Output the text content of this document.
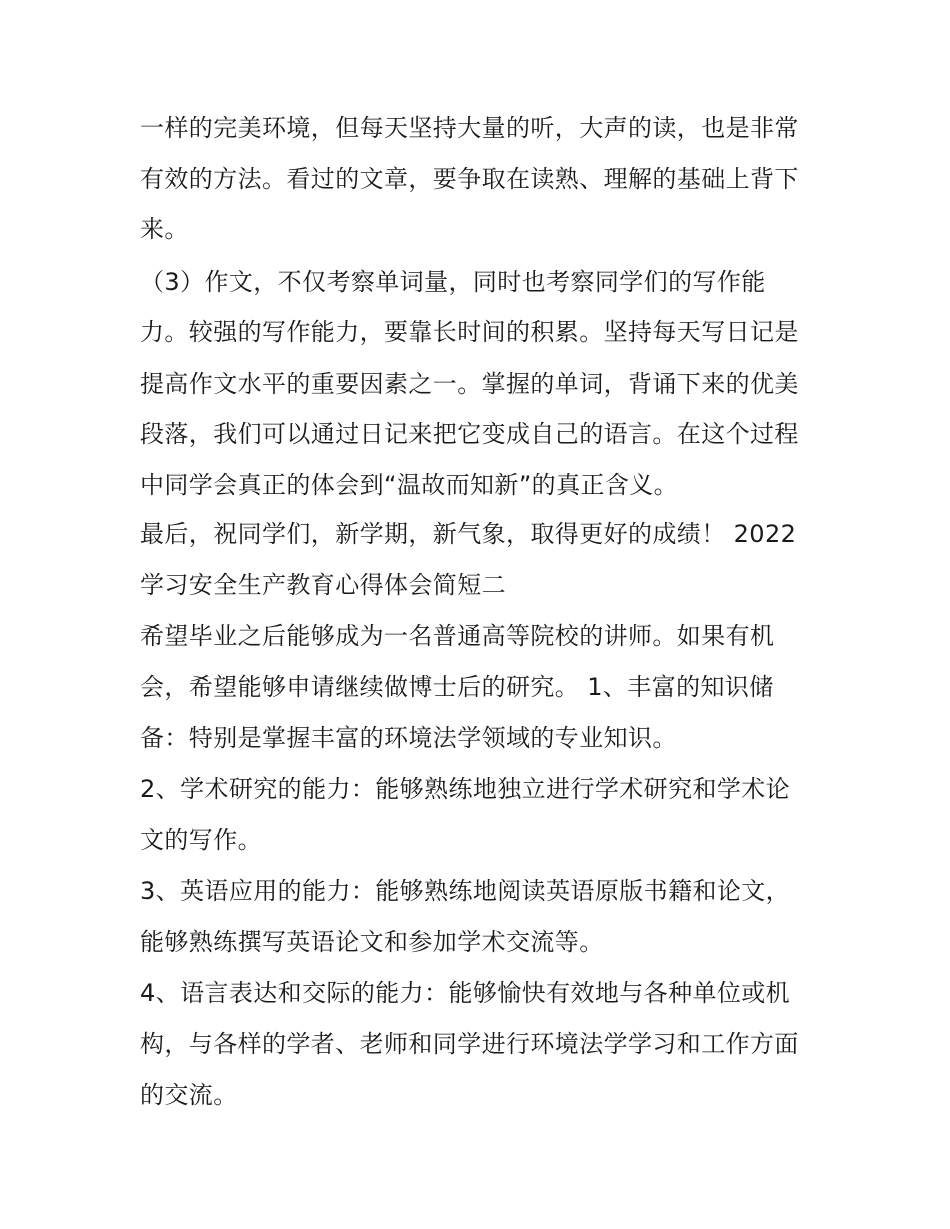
一样的完美环境，但每天坚持大量的听，大声的读，也是非常
有效的方法。看过的文章，要争取在读熟、理解的基础上背下
来。
（3）作文，不仅考察单词量，同时也考察同学们的写作能
力。较强的写作能力，要靠长时间的积累。坚持每天写日记是
提高作文水平的重要因素之一。掌握的单词，背诵下来的优美
段落，我们可以通过日记来把它变成自己的语言。在这个过程
中同学会真正的体会到“温故而知新”的真正含义。
最后，祝同学们，新学期，新气象，取得更好的成绩！ 2022
学习安全生产教育心得体会简短二
希望毕业之后能够成为一名普通高等院校的讲师。如果有机
会，希望能够申请继续做博士后的研究。 1、丰富的知识储
备：特别是掌握丰富的环境法学领域的专业知识。
2、学术研究的能力：能够熟练地独立进行学术研究和学术论
文的写作。
3、英语应用的能力：能够熟练地阅读英语原版书籍和论文，
能够熟练撰写英语论文和参加学术交流等。
4、语言表达和交际的能力：能够愉快有效地与各种单位或机
构，与各样的学者、老师和同学进行环境法学学习和工作方面
的交流。
